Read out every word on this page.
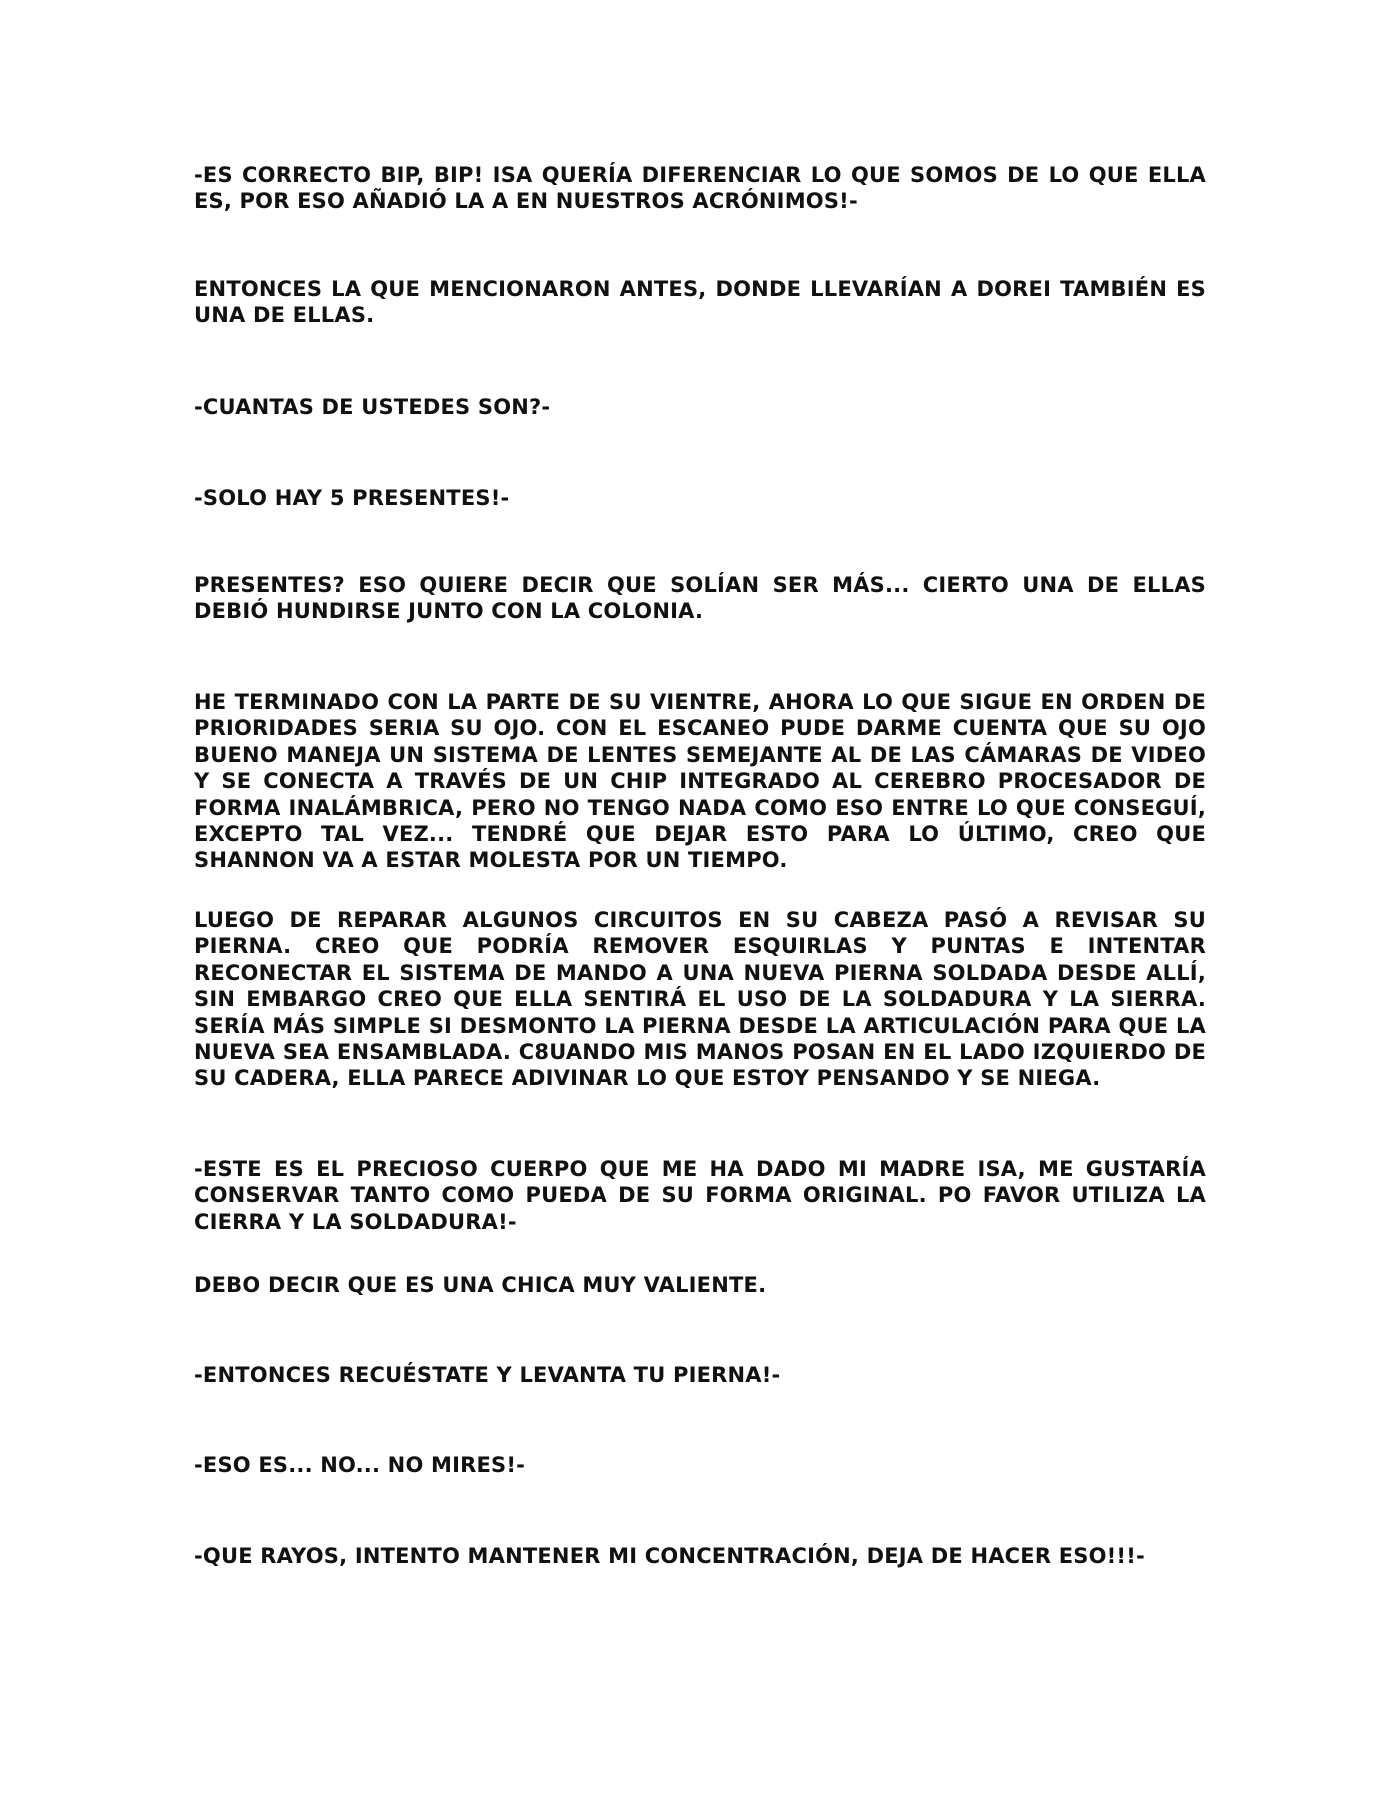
-ES CORRECTO BIP, BIP! ISA QUERÍA DIFERENCIAR LO QUE SOMOS DE LO QUE ELLA ES, POR ESO AÑADIÓ LA A EN NUESTROS ACRÓNIMOS!-

ENTONCES LA QUE MENCIONARON ANTES, DONDE LLEVARÍAN A DOREI TAMBIÉN ES UNA DE ELLAS.

-CUANTAS DE USTEDES SON?-

-SOLO HAY 5 PRESENTES!-

PRESENTES? ESO QUIERE DECIR QUE SOLÍAN SER MÁS... CIERTO UNA DE ELLAS DEBIÓ HUNDIRSE JUNTO CON LA COLONIA.

HE TERMINADO CON LA PARTE DE SU VIENTRE, AHORA LO QUE SIGUE EN ORDEN DE PRIORIDADES SERIA SU OJO. CON EL ESCANEO PUDE DARME CUENTA QUE SU OJO BUENO MANEJA UN SISTEMA DE LENTES SEMEJANTE AL DE LAS CÁMARAS DE VIDEO Y SE CONECTA A TRAVÉS DE UN CHIP INTEGRADO AL CEREBRO PROCESADOR DE FORMA INALÁMBRICA, PERO NO TENGO NADA COMO ESO ENTRE LO QUE CONSEGUÍ, EXCEPTO TAL VEZ... TENDRÉ QUE DEJAR ESTO PARA LO ÚLTIMO, CREO QUE SHANNON VA A ESTAR MOLESTA POR UN TIEMPO.

LUEGO DE REPARAR ALGUNOS CIRCUITOS EN SU CABEZA PASÓ A REVISAR SU PIERNA. CREO QUE PODRÍA REMOVER ESQUIRLAS Y PUNTAS E INTENTAR RECONECTAR EL SISTEMA DE MANDO A UNA NUEVA PIERNA SOLDADA DESDE ALLÍ, SIN EMBARGO CREO QUE ELLA SENTIRÁ EL USO DE LA SOLDADURA Y LA SIERRA. SERÍA MÁS SIMPLE SI DESMONTO LA PIERNA DESDE LA ARTICULACIÓN PARA QUE LA NUEVA SEA ENSAMBLADA. C8UANDO MIS MANOS POSAN EN EL LADO IZQUIERDO DE SU CADERA, ELLA PARECE ADIVINAR LO QUE ESTOY PENSANDO Y SE NIEGA.

-ESTE ES EL PRECIOSO CUERPO QUE ME HA DADO MI MADRE ISA, ME GUSTARÍA CONSERVAR TANTO COMO PUEDA DE SU FORMA ORIGINAL. PO FAVOR UTILIZA LA CIERRA Y LA SOLDADURA!-

DEBO DECIR QUE ES UNA CHICA MUY VALIENTE.

-ENTONCES RECUÉSTATE Y LEVANTA TU PIERNA!-

-ESO ES... NO... NO MIRES!-

-QUE RAYOS, INTENTO MANTENER MI CONCENTRACIÓN, DEJA DE HACER ESO!!!-
